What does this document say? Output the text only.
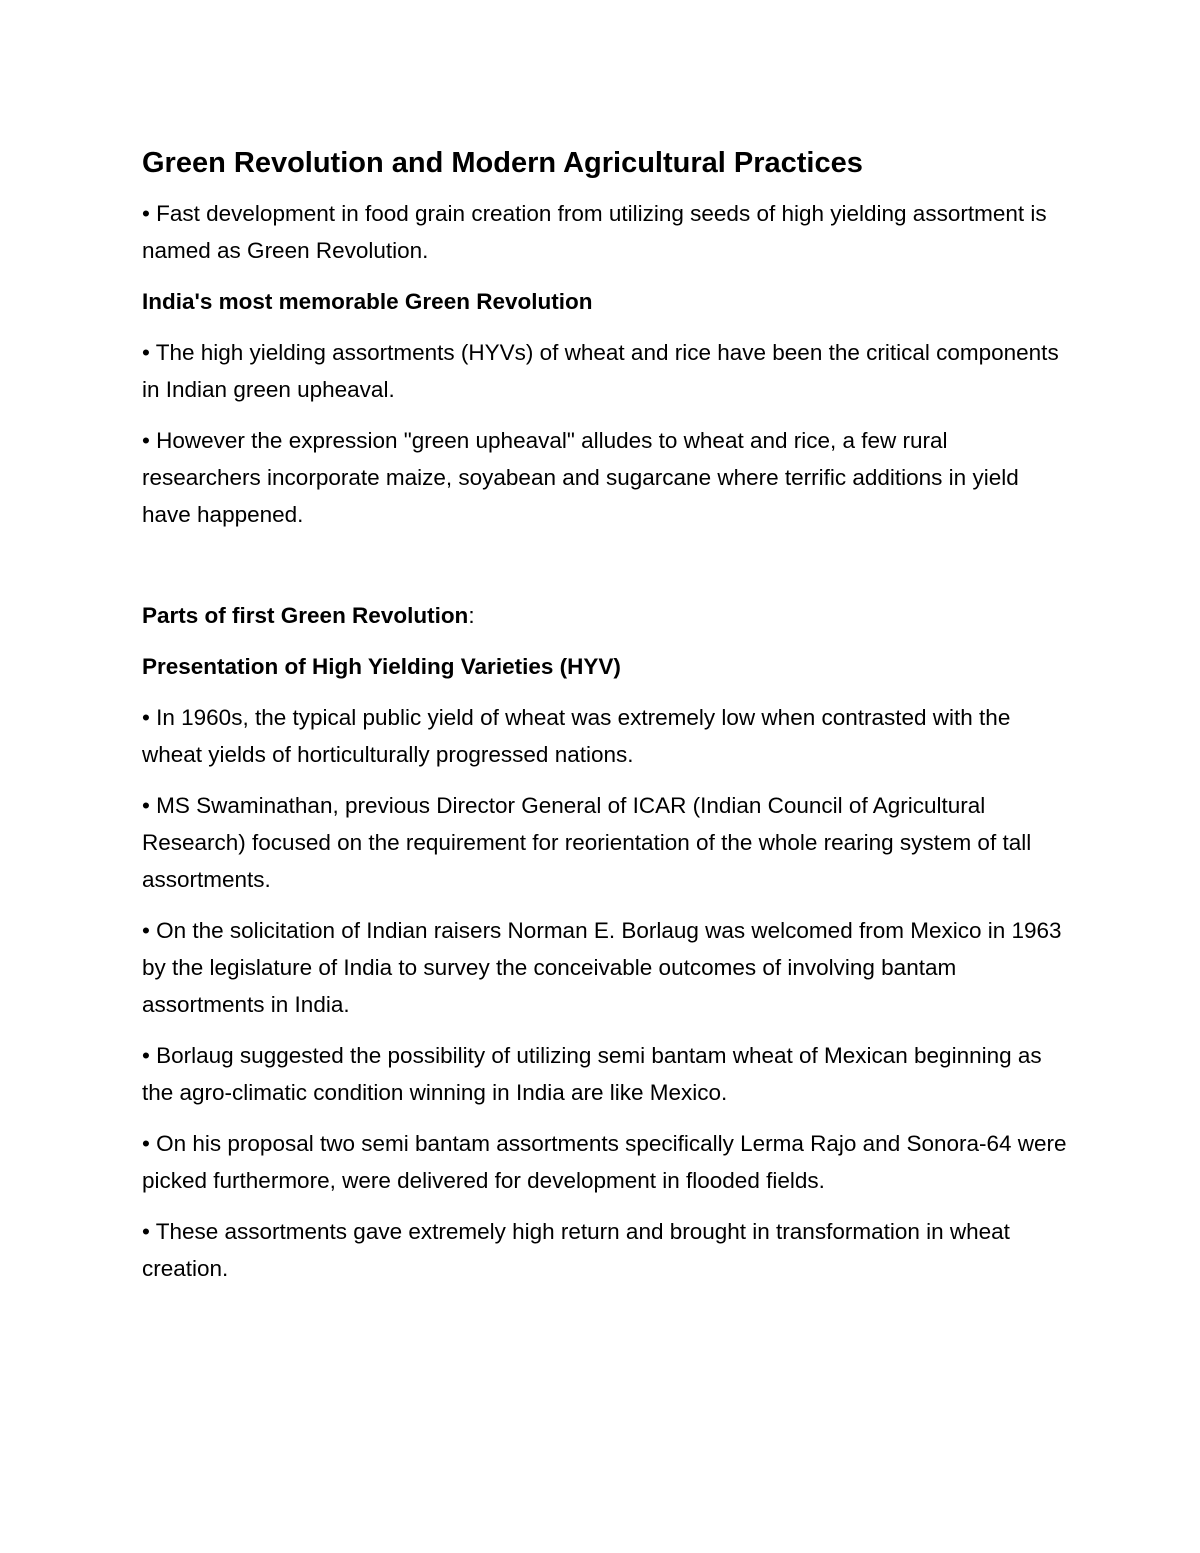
Green Revolution and Modern Agricultural Practices

• Fast development in food grain creation from utilizing seeds of high yielding assortment is named as Green Revolution.

India's most memorable Green Revolution

• The high yielding assortments (HYVs) of wheat and rice have been the critical components in Indian green upheaval.

• However the expression "green upheaval" alludes to wheat and rice, a few rural researchers incorporate maize, soyabean and sugarcane where terrific additions in yield have happened.

Parts of first Green Revolution:
Presentation of High Yielding Varieties (HYV)

• In 1960s, the typical public yield of wheat was extremely low when contrasted with the wheat yields of horticulturally progressed nations.

• MS Swaminathan, previous Director General of ICAR (Indian Council of Agricultural Research) focused on the requirement for reorientation of the whole rearing system of tall assortments.

• On the solicitation of Indian raisers Norman E. Borlaug was welcomed from Mexico in 1963 by the legislature of India to survey the conceivable outcomes of involving bantam assortments in India.

• Borlaug suggested the possibility of utilizing semi bantam wheat of Mexican beginning as the agro-climatic condition winning in India are like Mexico.

• On his proposal two semi bantam assortments specifically Lerma Rajo and Sonora-64 were picked furthermore, were delivered for development in flooded fields.

• These assortments gave extremely high return and brought in transformation in wheat creation.
